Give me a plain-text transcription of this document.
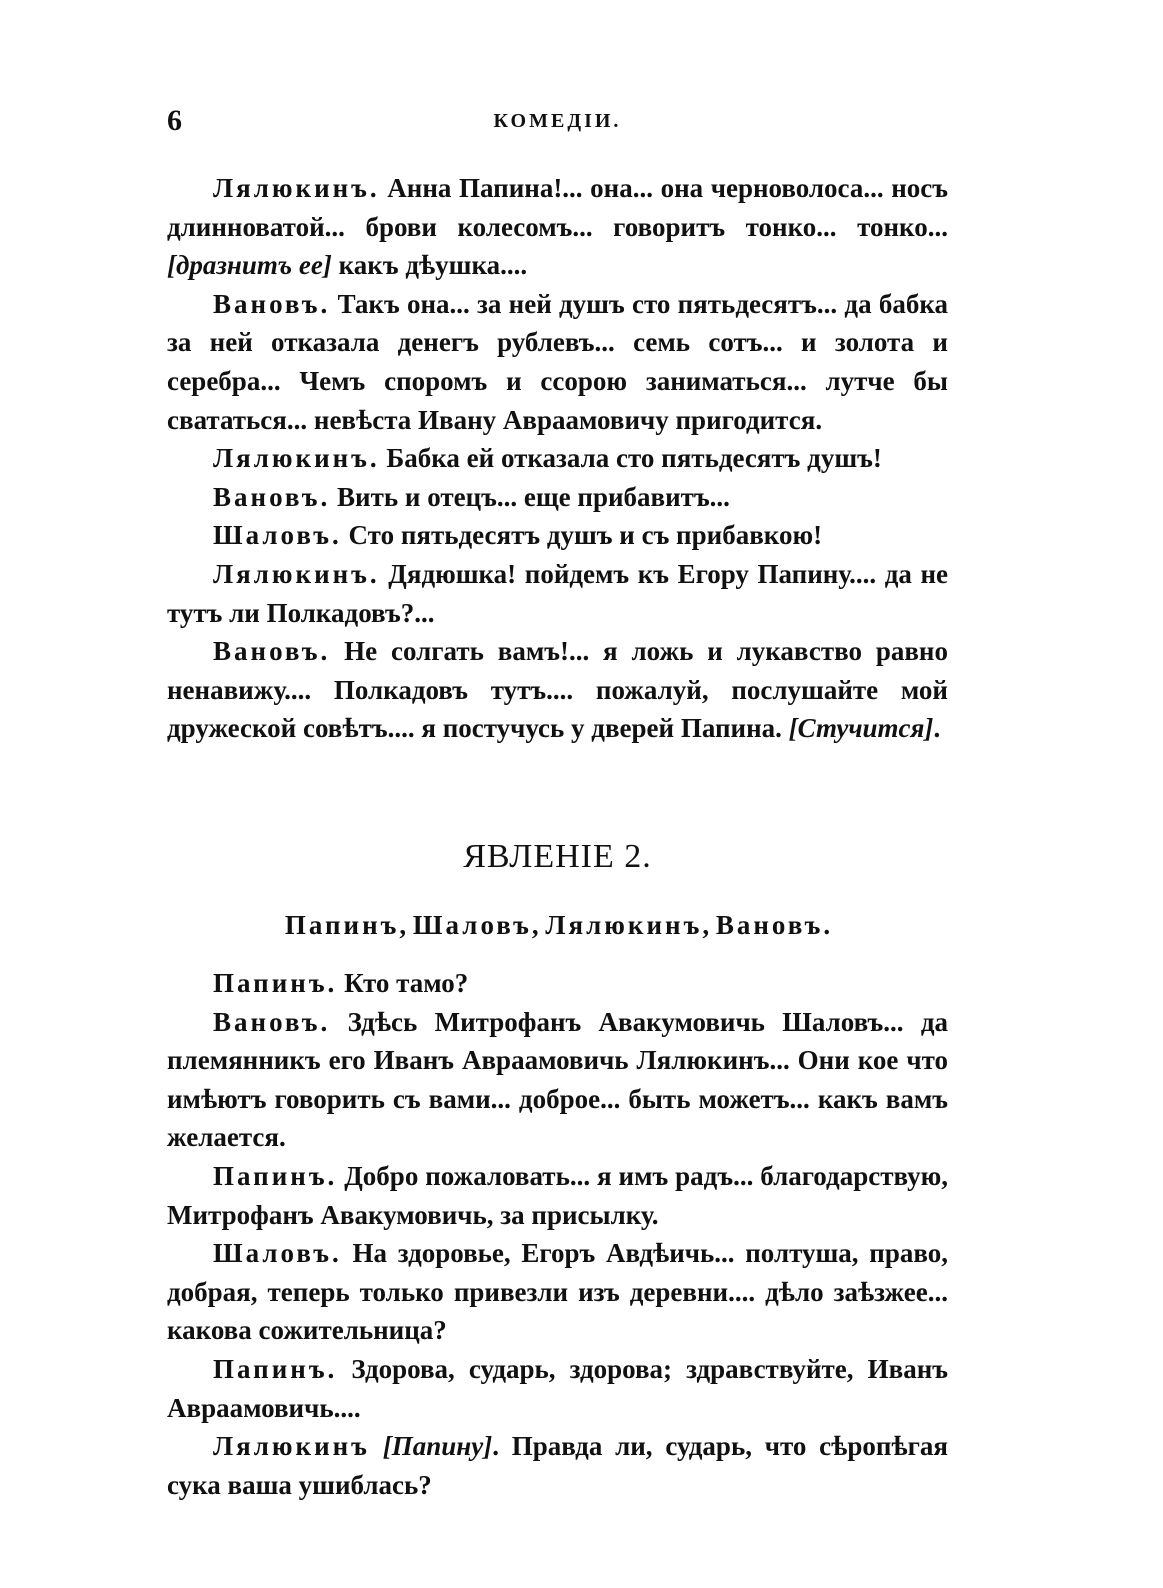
6	КОМЕДІИ.

Лялюкинъ. Анна Папина!... она... она черноволоса... носъ длинноватой... брови колесомъ... говоритъ тонко... тонко... [дразнитъ ее] какъ дѣушка....

Вановъ. Такъ она... за ней душъ сто пятьдесятъ... да бабка за ней отказала денегъ рублевъ... семь сотъ... и золота и серебра... Чемъ споромъ и ссорою заниматься... лутче бы свататься... невѣста Ивану Авраамовичу пригодится.

Лялюкинъ. Бабка ей отказала сто пятьдесятъ душъ!

Вановъ. Вить и отецъ... еще прибавитъ...

Шаловъ. Сто пятьдесятъ душъ и съ прибавкою!

Лялюкинъ. Дядюшка! пойдемъ къ Егору Папину.... да не тутъ ли Полкадовъ?...

Вановъ. Не солгать вамъ!... я ложь и лукавство равно ненавижу.... Полкадовъ тутъ.... пожалуй, послушайте мой дружеской совѣтъ.... я постучусь у дверей Папина. [Стучится].

ЯВЛЕНIЕ 2.

Папинъ, Шаловъ, Лялюкинъ, Вановъ.

Папинъ. Кто тамо?

Вановъ. Здѣсь Митрофанъ Авакумовичь Шаловъ... да племянникъ его Иванъ Авраамовичь Лялюкинъ... Они кое что имѣютъ говорить съ вами... доброе... быть можетъ... какъ вамъ желается.

Папинъ. Добро пожаловать... я имъ радъ... благодарствую, Митрофанъ Авакумовичь, за присылку.

Шаловъ. На здоровье, Егоръ Авдѣичь... полтуша, право, добрая, теперь только привезли изъ деревни.... дѣло заѣзжее... какова сожительница?

Папинъ. Здорова, сударь, здорова; здравствуйте, Иванъ Авраамовичь....

Лялюкинъ [Папину]. Правда ли, сударь, что сѣропѣгая сука ваша ушиблась?
